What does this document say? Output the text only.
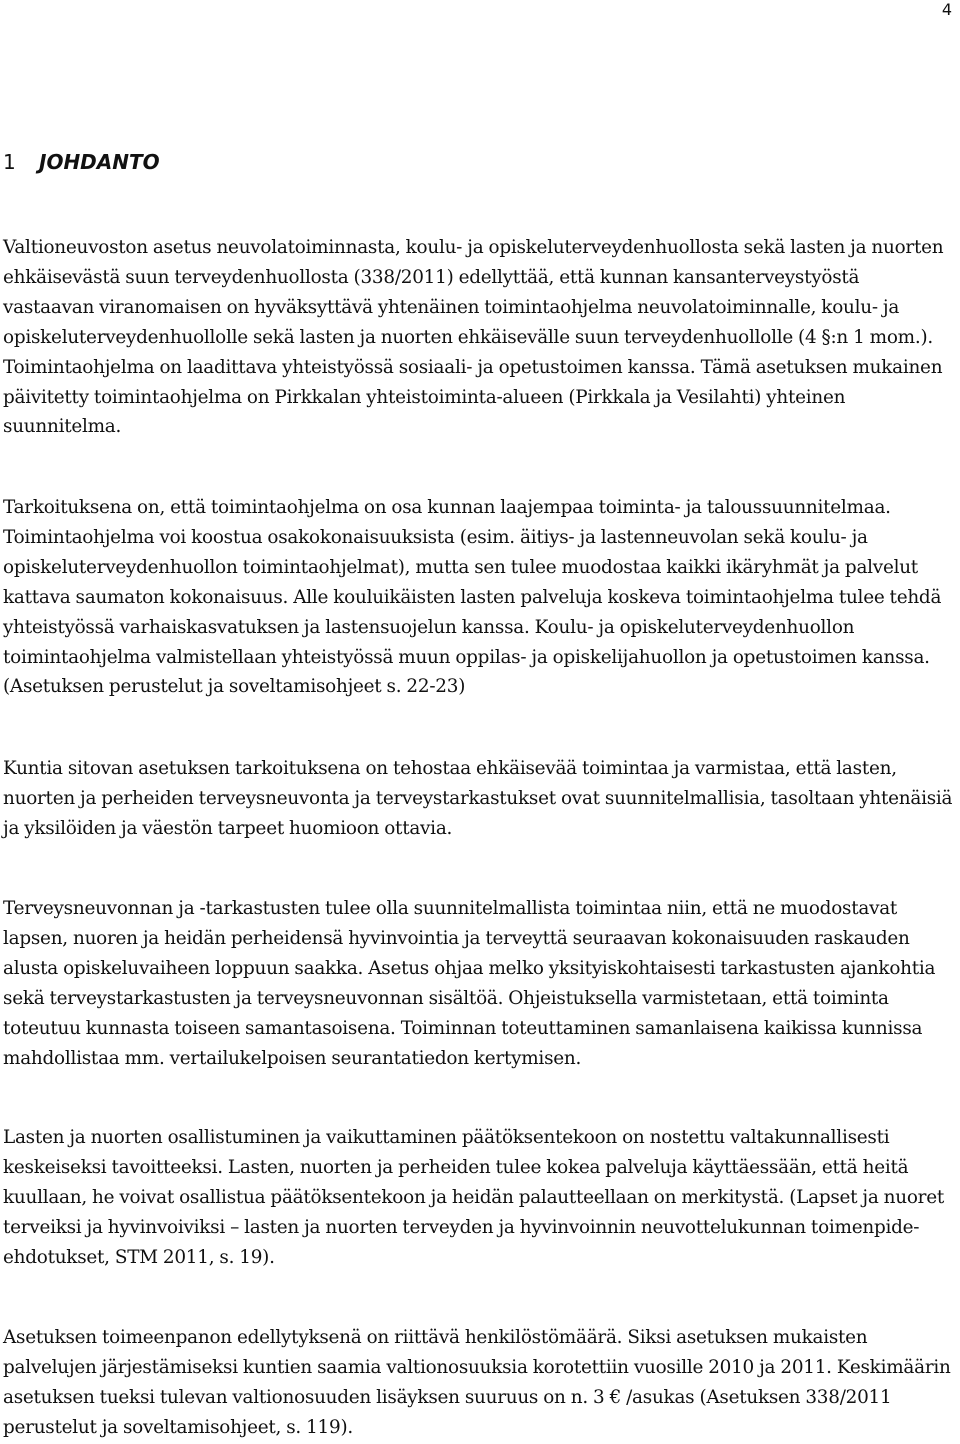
4
1 JOHDANTO

Valtioneuvoston asetus neuvolatoiminnasta, koulu- ja opiskeluterveydenhuollosta sekä lasten ja nuorten ehkäisevästä suun terveydenhuollosta (338/2011) edellyttää, että kunnan kansanterveystyöstä vastaavan viranomaisen on hyväksyttävä yhtenäinen toimintaohjelma neuvolatoiminnalle, koulu- ja opiskeluterveydenhuollolle sekä lasten ja nuorten ehkäisevälle suun terveydenhuollolle (4 §:n 1 mom.). Toimintaohjelma on laadittava yhteistyössä sosiaali- ja opetustoimen kanssa. Tämä asetuksen mukainen päivitetty toimintaohjelma on Pirkkalan yhteistoiminta-alueen (Pirkkala ja Vesilahti) yhteinen suunnitelma.

Tarkoituksena on, että toimintaohjelma on osa kunnan laajempaa toiminta- ja taloussuunnitelmaa. Toimintaohjelma voi koostua osakokonaisuuksista (esim. äitiys- ja lastenneuvolan sekä koulu- ja opiskeluterveydenhuollon toimintaohjelmat), mutta sen tulee muodostaa kaikki ikäryhmät ja palvelut kattava saumaton kokonaisuus. Alle kouluikäisten lasten palveluja koskeva toimintaohjelma tulee tehdä yhteistyössä varhaiskasvatuksen ja lastensuojelun kanssa. Koulu- ja opiskeluterveydenhuollon toimintaohjelma valmistellaan yhteistyössä muun oppilas- ja opiskelijahuollon ja opetustoimen kanssa. (Asetuksen perustelut ja soveltamisohjeet s. 22-23)

Kuntia sitovan asetuksen tarkoituksena on tehostaa ehkäisevää toimintaa ja varmistaa, että lasten, nuorten ja perheiden terveysneuvonta ja terveystarkastukset ovat suunnitelmallisia, tasoltaan yhtenäisiä ja yksilöiden ja väestön tarpeet huomioon ottavia.

Terveysneuvonnan ja -tarkastusten tulee olla suunnitelmallista toimintaa niin, että ne muodostavat lapsen, nuoren ja heidän perheidensä hyvinvointia ja terveyttä seuraavan kokonaisuuden raskauden alusta opiskeluvaiheen loppuun saakka. Asetus ohjaa melko yksityiskohtaisesti tarkastusten ajankohtia sekä terveystarkastusten ja terveysneuvonnan sisältöä. Ohjeistuksella varmistetaan, että toiminta toteutuu kunnasta toiseen samantasoisena. Toiminnan toteuttaminen samanlaisena kaikissa kunnissa mahdollistaa mm. vertailukelpoisen seurantatiedon kertymisen.

Lasten ja nuorten osallistuminen ja vaikuttaminen päätöksentekoon on nostettu valtakunnallisesti keskeiseksi tavoitteeksi. Lasten, nuorten ja perheiden tulee kokea palveluja käyttäessään, että heitä kuullaan, he voivat osallistua päätöksentekoon ja heidän palautteellaan on merkitystä. (Lapset ja nuoret terveiksi ja hyvinvoiviksi – lasten ja nuorten terveyden ja hyvinvoinnin neuvottelukunnan toimenpide-ehdotukset, STM 2011, s. 19).

Asetuksen toimeenpanon edellytyksenä on riittävä henkilöstömäärä. Siksi asetuksen mukaisten palvelujen järjestämiseksi kuntien saamia valtionosuuksia korotettiin vuosille 2010 ja 2011. Keskimäärin asetuksen tueksi tulevan valtionosuuden lisäyksen suuruus on n. 3 € /asukas (Asetuksen 338/2011 perustelut ja soveltamisohjeet, s. 119).
